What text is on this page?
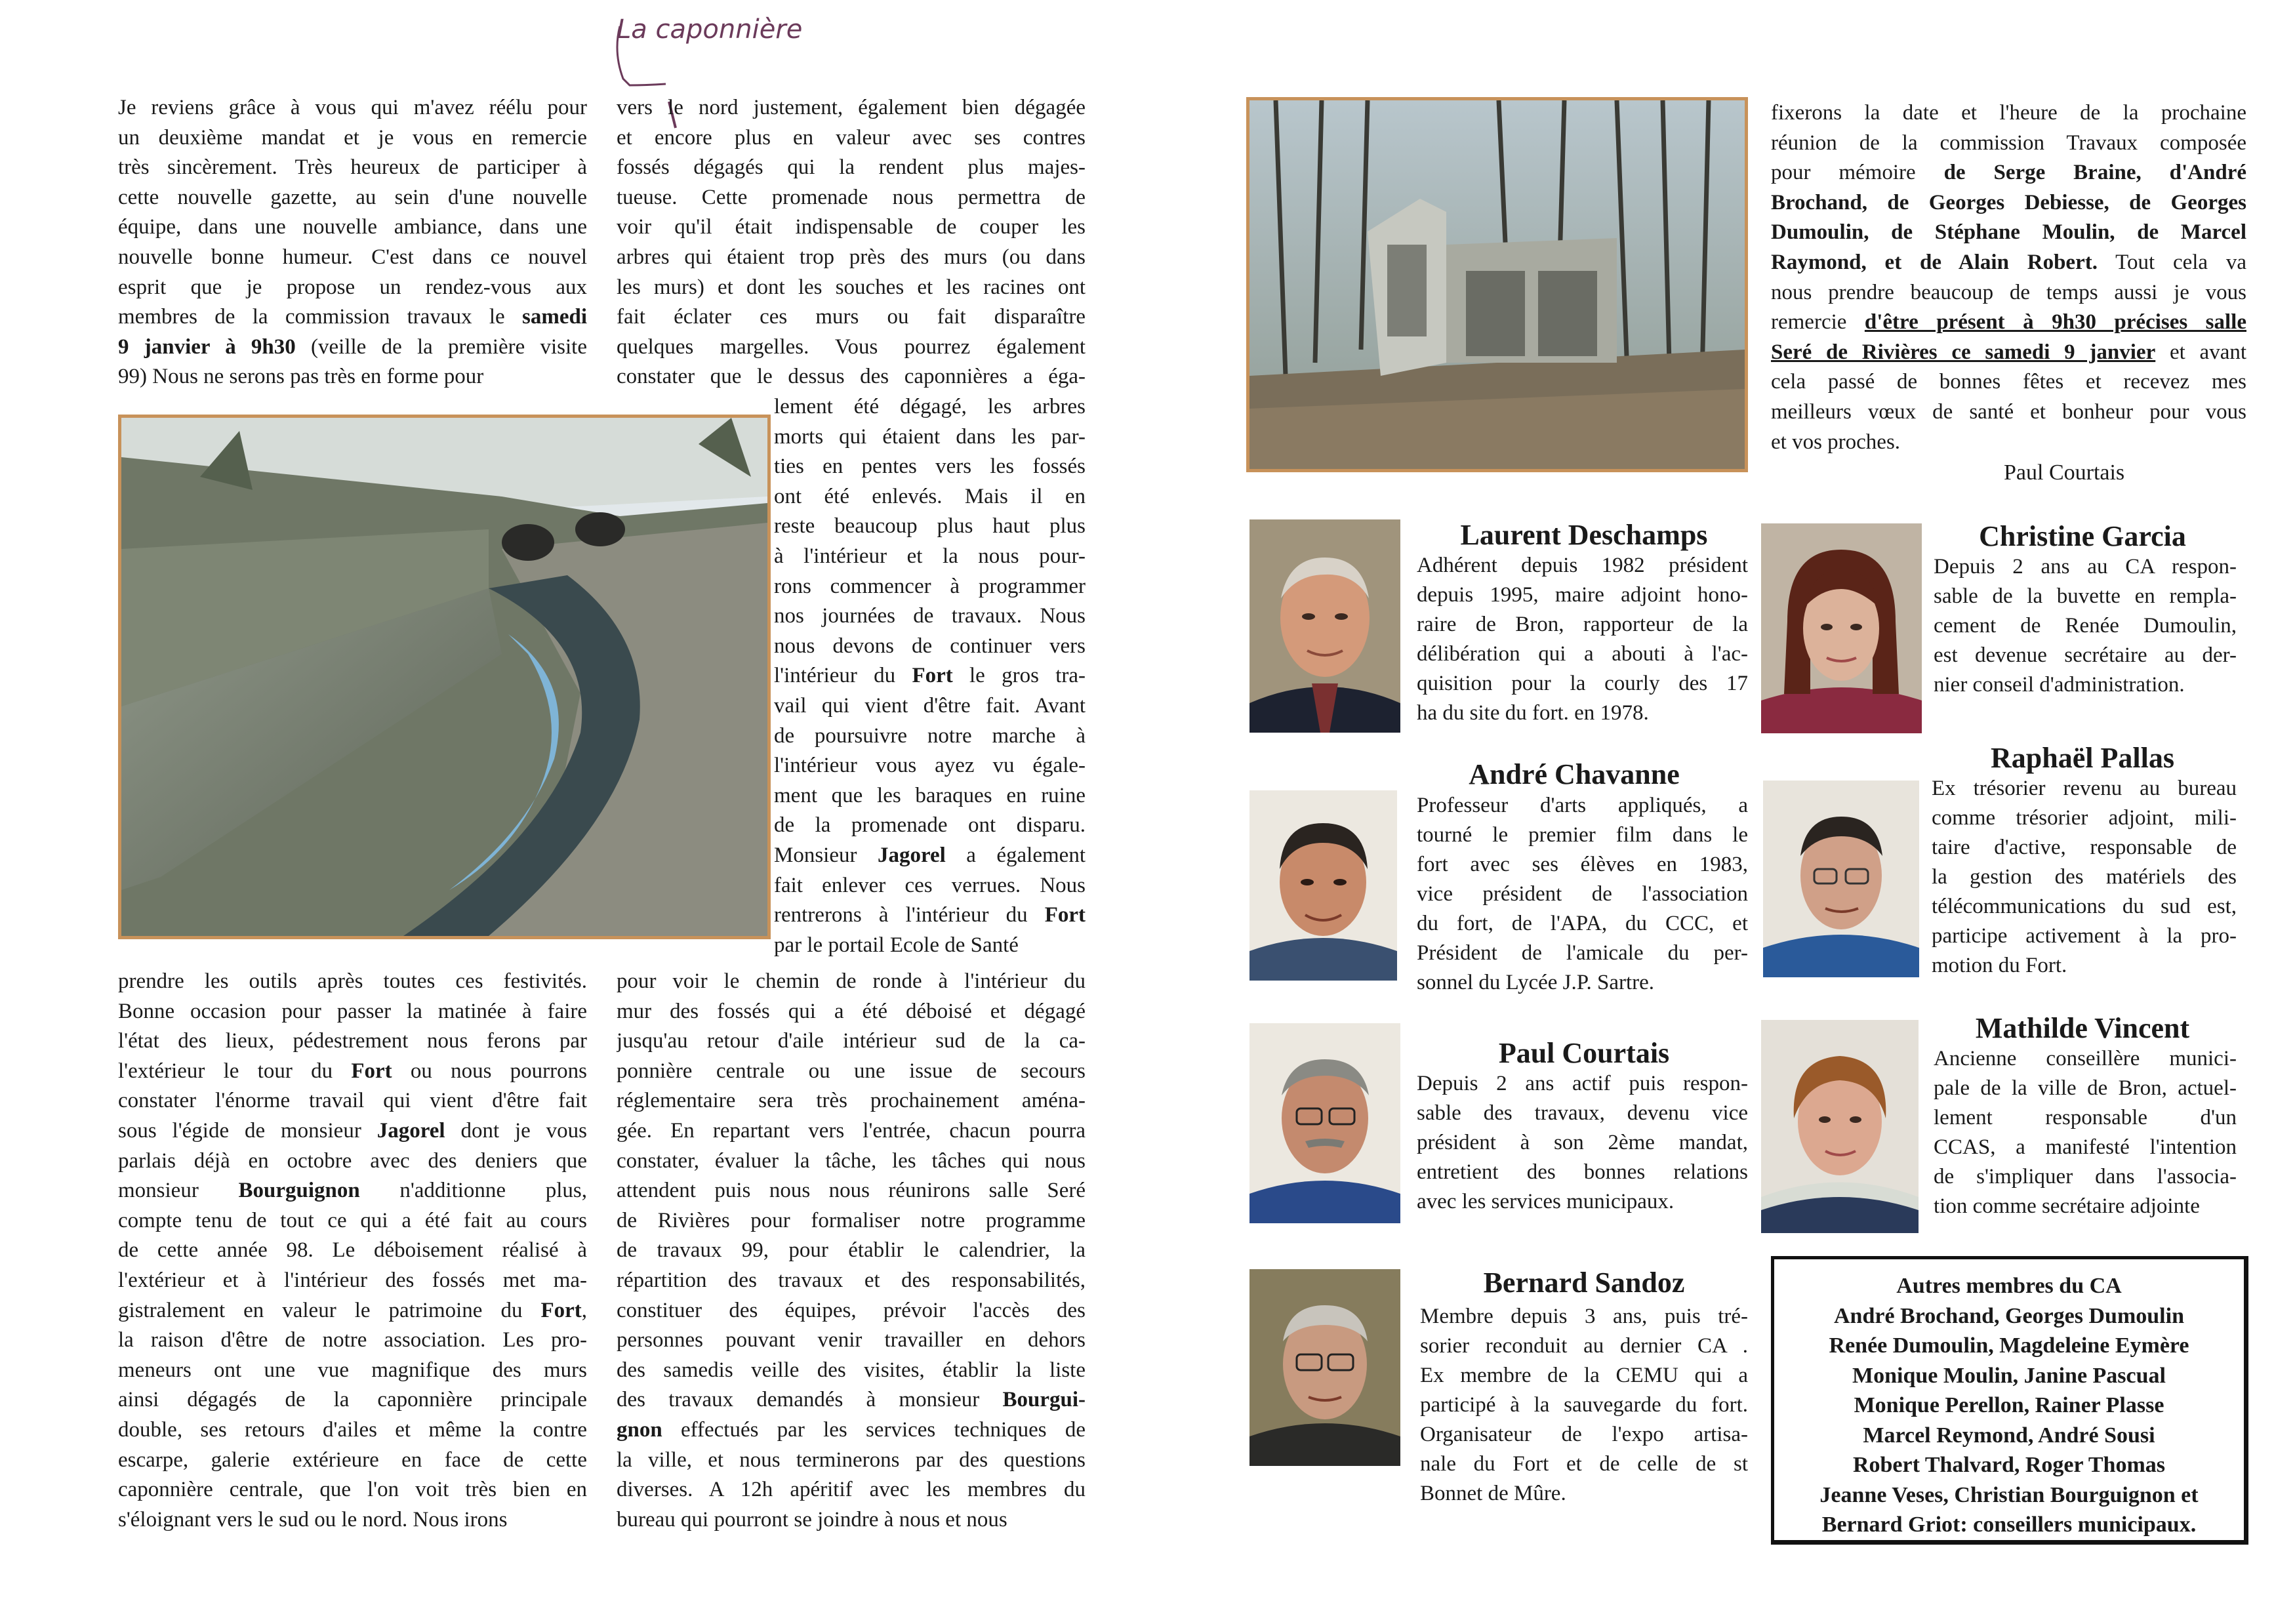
La caponnière
Je reviens grâce à vous qui m'avez réélu pour
un deuxième mandat et je vous en remercie
très sincèrement. Très heureux de participer à
cette nouvelle gazette, au sein d'une nouvelle
équipe, dans une nouvelle ambiance, dans une
nouvelle bonne humeur. C'est dans ce nouvel
esprit que je propose un rendez-vous aux
membres de la commission travaux le samedi
9 janvier à 9h30 (veille de la première visite
99) Nous ne serons pas très en forme pour
prendre les outils après toutes ces festivités.
Bonne occasion pour passer la matinée à faire
l'état des lieux, pédestrement nous ferons par
l'extérieur le tour du Fort ou nous pourrons
constater l'énorme travail qui vient d'être fait
sous l'égide de monsieur Jagorel dont je vous
parlais déjà en octobre avec des deniers que
monsieur Bourguignon n'additionne plus,
compte tenu de tout ce qui a été fait au cours
de cette année 98. Le déboisement réalisé à
l'extérieur et à l'intérieur des fossés met ma-
gistralement en valeur le patrimoine du Fort,
la raison d'être de notre association. Les pro-
meneurs ont une vue magnifique des murs
ainsi dégagés de la caponnière principale
double, ses retours d'ailes et même la contre
escarpe, galerie extérieure en face de cette
caponnière centrale, que l'on voit très bien en
s'éloignant vers le sud ou le nord. Nous irons
vers le nord justement, également bien dégagée
et encore plus en valeur avec ses contres
fossés dégagés qui la rendent plus majes-
tueuse. Cette promenade nous permettra de
voir qu'il était indispensable de couper les
arbres qui étaient trop près des murs (ou dans
les murs) et dont les souches et les racines ont
fait éclater ces murs ou fait disparaître
quelques margelles. Vous pourrez également
constater que le dessus des caponnières a éga-
lement été dégagé, les arbres
morts qui étaient dans les par-
ties en pentes vers les fossés
ont été enlevés. Mais il en
reste beaucoup plus haut plus
à l'intérieur et la nous pour-
rons commencer à programmer
nos journées de travaux. Nous
nous devons de continuer vers
l'intérieur du Fort le gros tra-
vail qui vient d'être fait. Avant
de poursuivre notre marche à
l'intérieur vous ayez vu égale-
ment que les baraques en ruine
de la promenade ont disparu.
Monsieur Jagorel a également
fait enlever ces verrues. Nous
rentrerons à l'intérieur du Fort
par le portail Ecole de Santé
pour voir le chemin de ronde à l'intérieur du
mur des fossés qui a été déboisé et dégagé
jusqu'au retour d'aile intérieur sud de la ca-
ponnière centrale ou une issue de secours
réglementaire sera très prochainement aména-
gée. En repartant vers l'entrée, chacun pourra
constater, évaluer la tâche, les tâches qui nous
attendent puis nous nous réunirons salle Seré
de Rivières pour formaliser notre programme
de travaux 99, pour établir le calendrier, la
répartition des travaux et des responsabilités,
constituer des équipes, prévoir l'accès des
personnes pouvant venir travailler en dehors
des samedis veille des visites, établir la liste
des travaux demandés à monsieur Bourgui-
gnon effectués par les services techniques de
la ville, et nous terminerons par des questions
diverses. A 12h apéritif avec les membres du
bureau qui pourront se joindre à nous et nous
fixerons la date et l'heure de la prochaine
réunion de la commission Travaux composée
pour mémoire de Serge Braine, d'André
Brochand, de Georges Debiesse, de Georges
Dumoulin, de Stéphane Moulin, de Marcel
Raymond, et de Alain Robert. Tout cela va
nous prendre beaucoup de temps aussi je vous
remercie d'être présent à 9h30 précises salle
Seré de Rivières ce samedi 9 janvier et avant
cela passé de bonnes fêtes et recevez mes
meilleurs vœux de santé et bonheur pour vous
et vos proches.
Paul Courtais
Laurent Deschamps
Adhérent depuis 1982 président
depuis 1995, maire adjoint hono-
raire de Bron, rapporteur de la
délibération qui a abouti à l'ac-
quisition pour la courly des 17
ha du site du fort. en 1978.
Christine Garcia
Depuis 2 ans au CA respon-
sable de la buvette en rempla-
cement de Renée Dumoulin,
est devenue secrétaire au der-
nier conseil d'administration.
André Chavanne
Professeur d'arts appliqués, a
tourné le premier film dans le
fort avec ses élèves en 1983,
vice président de l'association
du fort, de l'APA, du CCC, et
Président de l'amicale du per-
sonnel du Lycée J.P. Sartre.
Raphaël Pallas
Ex trésorier revenu au bureau
comme trésorier adjoint, mili-
taire d'active, responsable de
la gestion des matériels des
télécommunications du sud est,
participe activement à la pro-
motion du Fort.
Paul Courtais
Depuis 2 ans actif puis respon-
sable des travaux, devenu vice
président à son 2ème mandat,
entretient des bonnes relations
avec les services municipaux.
Mathilde Vincent
Ancienne conseillère munici-
pale de la ville de Bron, actuel-
lement responsable d'un
CCAS, a manifesté l'intention
de s'impliquer dans l'associa-
tion comme secrétaire adjointe
Bernard Sandoz
Membre depuis 3 ans, puis tré-
sorier reconduit au dernier CA .
Ex membre de la CEMU qui a
participé à la sauvegarde du fort.
Organisateur de l'expo artisa-
nale du Fort et de celle de st
Bonnet de Mûre.
Autres membres du CA
André Brochand, Georges Dumoulin
Renée Dumoulin, Magdeleine Eymère
Monique Moulin, Janine Pascual
Monique Perellon, Rainer Plasse
Marcel Reymond, André Sousi
Robert Thalvard, Roger Thomas
Jeanne Veses, Christian Bourguignon et
Bernard Griot: conseillers municipaux.
